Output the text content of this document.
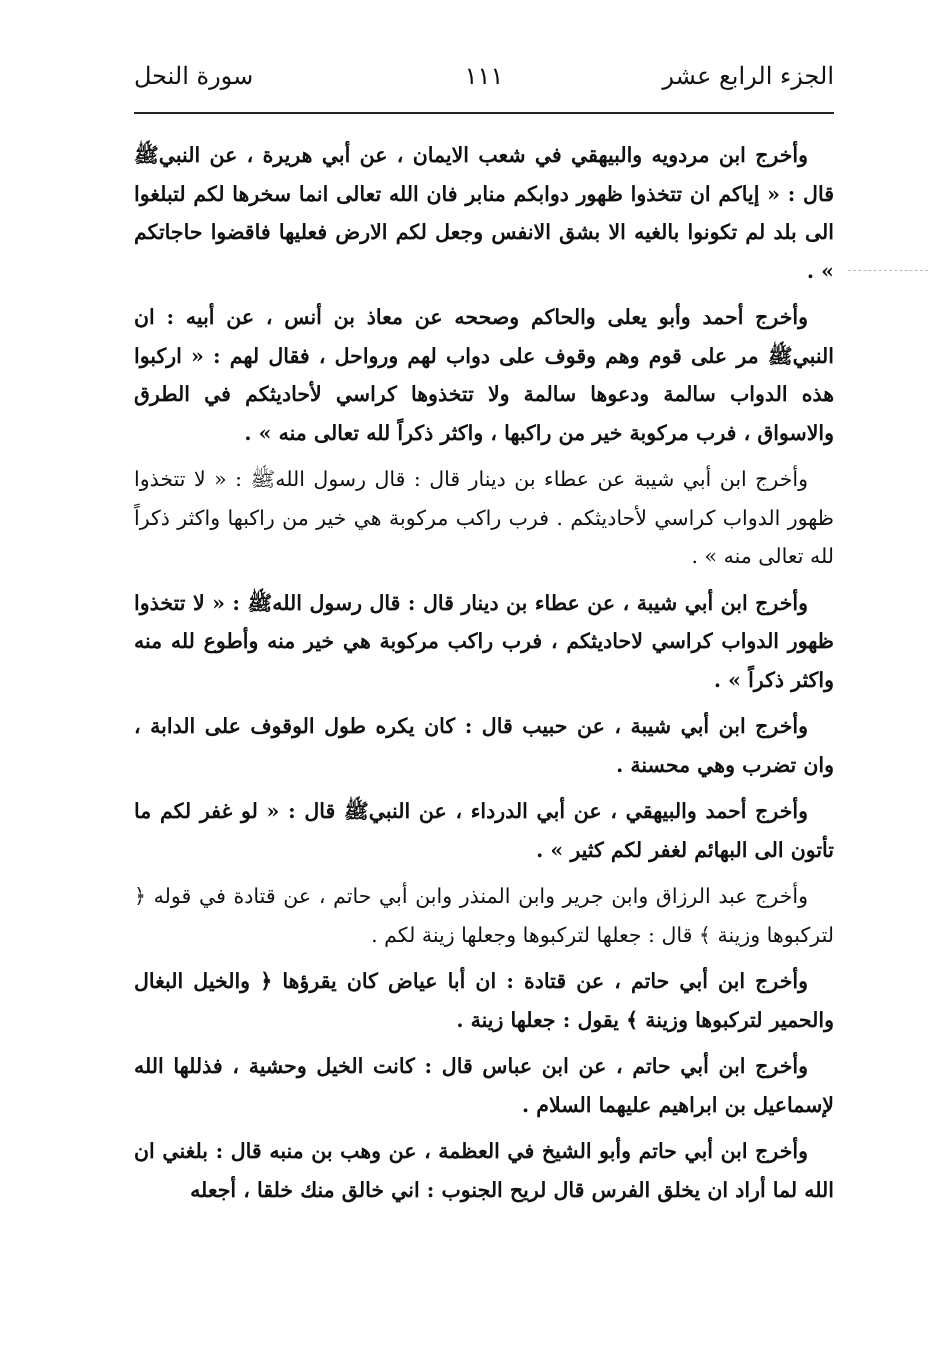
الجزء الرابع عشر
١١١
سورة النحل

وأخرج ابن مردويه والبيهقي في شعب الايمان ، عن أبي هريرة ، عن النبيﷺ قال : « إياكم ان تتخذوا ظهور دوابكم منابر فان الله تعالى انما سخرها لكم لتبلغوا الى بلد لم تكونوا بالغيه الا بشق الانفس وجعل لكم الارض فعليها فاقضوا حاجاتكم » .

وأخرج أحمد وأبو يعلى والحاكم وصححه عن معاذ بن أنس ، عن أبيه : ان النبيﷺ مر على قوم وهم وقوف على دواب لهم ورواحل ، فقال لهم : « اركبوا هذه الدواب سالمة ودعوها سالمة ولا تتخذوها كراسي لأحاديثكم في الطرق والاسواق ، فرب مركوبة خير من راكبها ، واكثر ذكراً لله تعالى منه » .

وأخرج ابن أبي شيبة عن عطاء بن دينار قال : قال رسول اللهﷺ : « لا تتخذوا ظهور الدواب كراسي لأحاديثكم . فرب راكب مركوبة هي خير من راكبها واكثر ذكراً لله تعالى منه » .

وأخرج ابن أبي شيبة ، عن عطاء بن دينار قال : قال رسول اللهﷺ : « لا تتخذوا ظهور الدواب كراسي لاحاديثكم ، فرب راكب مركوبة هي خير منه وأطوع لله منه واكثر ذكراً » .

وأخرج ابن أبي شيبة ، عن حبيب قال : كان يكره طول الوقوف على الدابة ، وان تضرب وهي محسنة .

وأخرج أحمد والبيهقي ، عن أبي الدرداء ، عن النبيﷺ قال : « لو غفر لكم ما تأتون الى البهائم لغفر لكم كثير » .

وأخرج عبد الرزاق وابن جرير وابن المنذر وابن أبي حاتم ، عن قتادة في قوله ﴿ لتركبوها وزينة ﴾ قال : جعلها لتركبوها وجعلها زينة لكم .

وأخرج ابن أبي حاتم ، عن قتادة : ان أبا عياض كان يقرؤها ﴿ والخيل البغال والحمير لتركبوها وزينة ﴾ يقول : جعلها زينة .

وأخرج ابن أبي حاتم ، عن ابن عباس قال : كانت الخيل وحشية ، فذللها الله لإسماعيل بن ابراهيم عليهما السلام .

وأخرج ابن أبي حاتم وأبو الشيخ في العظمة ، عن وهب بن منبه قال : بلغني ان الله لما أراد ان يخلق الفرس قال لريح الجنوب : اني خالق منك خلقا ، أجعله
